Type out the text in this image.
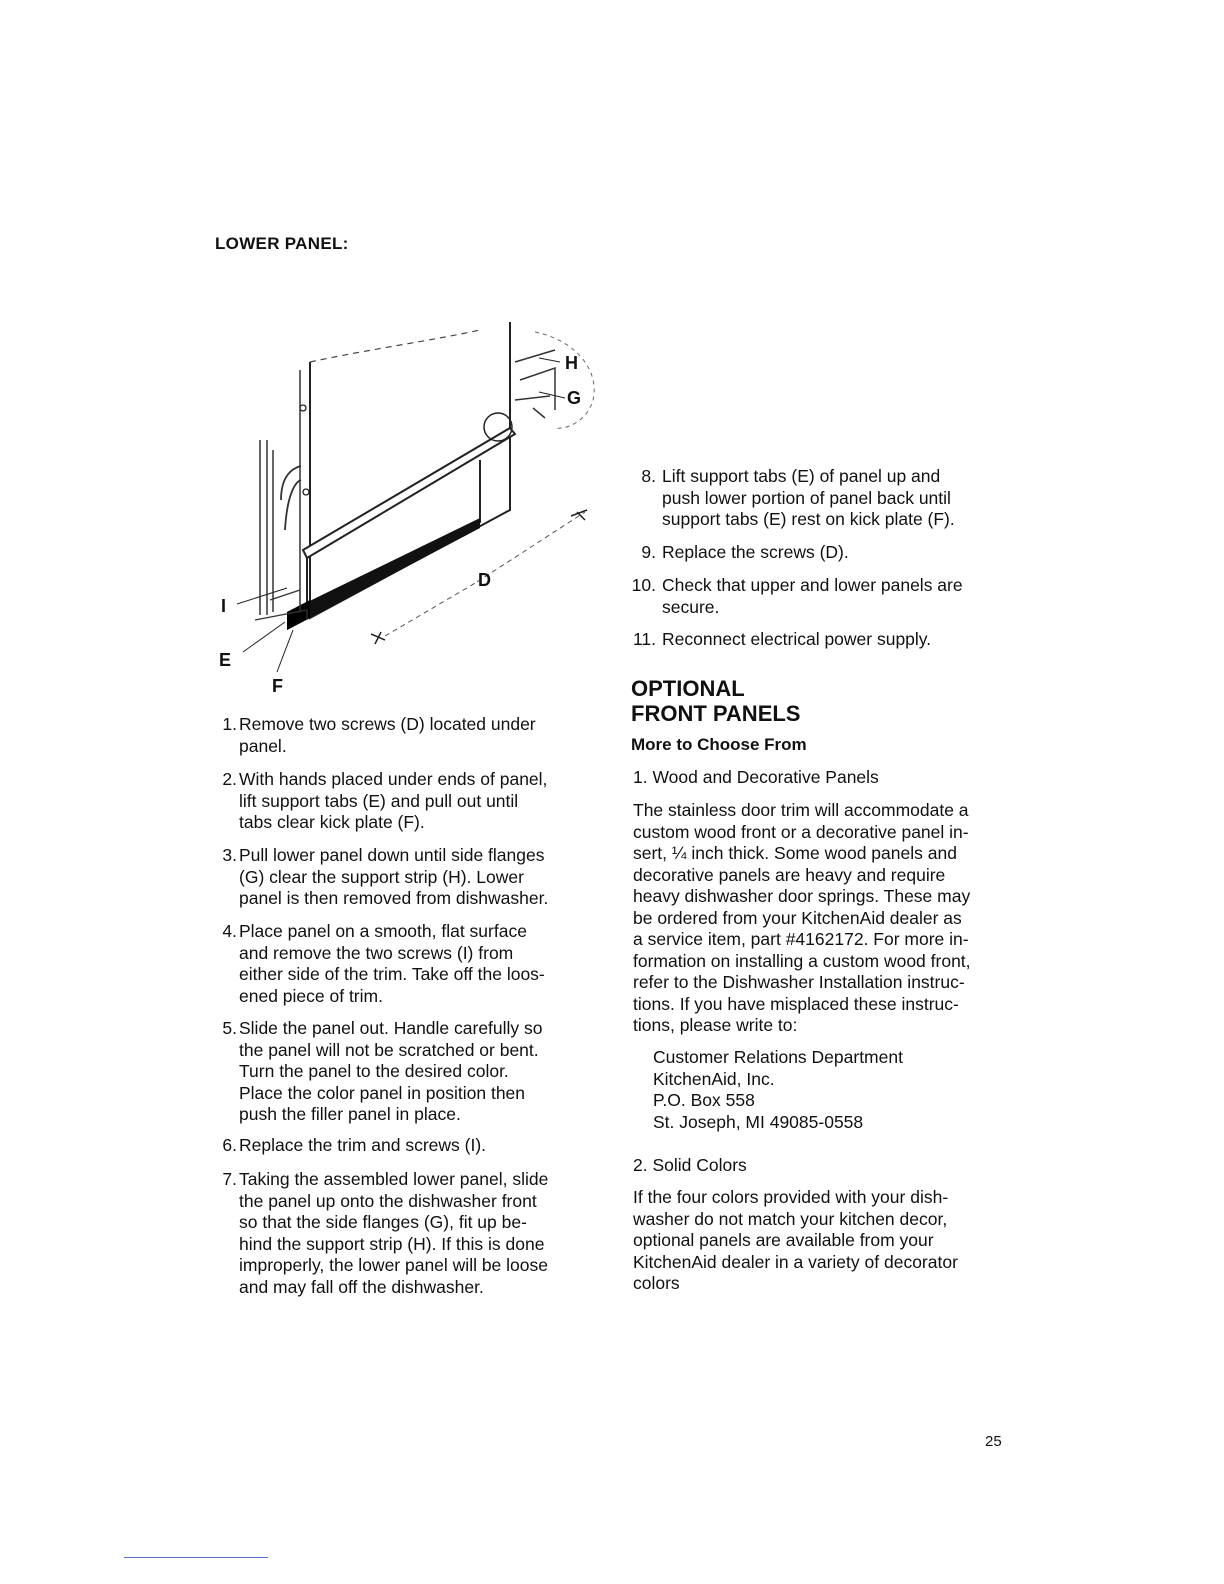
LOWER PANEL:
H
G
D
I
E
F
1. Remove two screws (D) located under
panel.
2. With hands placed under ends of panel,
lift support tabs (E) and pull out until
tabs clear kick plate (F).
3. Pull lower panel down until side flanges
(G) clear the support strip (H). Lower
panel is then removed from dishwasher.
4. Place panel on a smooth, flat surface
and remove the two screws (I) from
either side of the trim. Take off the loos-
ened piece of trim.
5. Slide the panel out. Handle carefully so
the panel will not be scratched or bent.
Turn the panel to the desired color.
Place the color panel in position then
push the filler panel in place.
6. Replace the trim and screws (I).
7. Taking the assembled lower panel, slide
the panel up onto the dishwasher front
so that the side flanges (G), fit up be-
hind the support strip (H). If this is done
improperly, the lower panel will be loose
and may fall off the dishwasher.
8. Lift support tabs (E) of panel up and
push lower portion of panel back until
support tabs (E) rest on kick plate (F).
9. Replace the screws (D).
10. Check that upper and lower panels are
secure.
11. Reconnect electrical power supply.
OPTIONAL
FRONT PANELS
More to Choose From
1. Wood and Decorative Panels
The stainless door trim will accommodate a
custom wood front or a decorative panel in-
sert, ¼ inch thick. Some wood panels and
decorative panels are heavy and require
heavy dishwasher door springs. These may
be ordered from your KitchenAid dealer as
a service item, part #4162172. For more in-
formation on installing a custom wood front,
refer to the Dishwasher Installation instruc-
tions. If you have misplaced these instruc-
tions, please write to:
Customer Relations Department
KitchenAid, Inc.
P.O. Box 558
St. Joseph, MI 49085-0558
2. Solid Colors
If the four colors provided with your dish-
washer do not match your kitchen decor,
optional panels are available from your
KitchenAid dealer in a variety of decorator
colors
25
